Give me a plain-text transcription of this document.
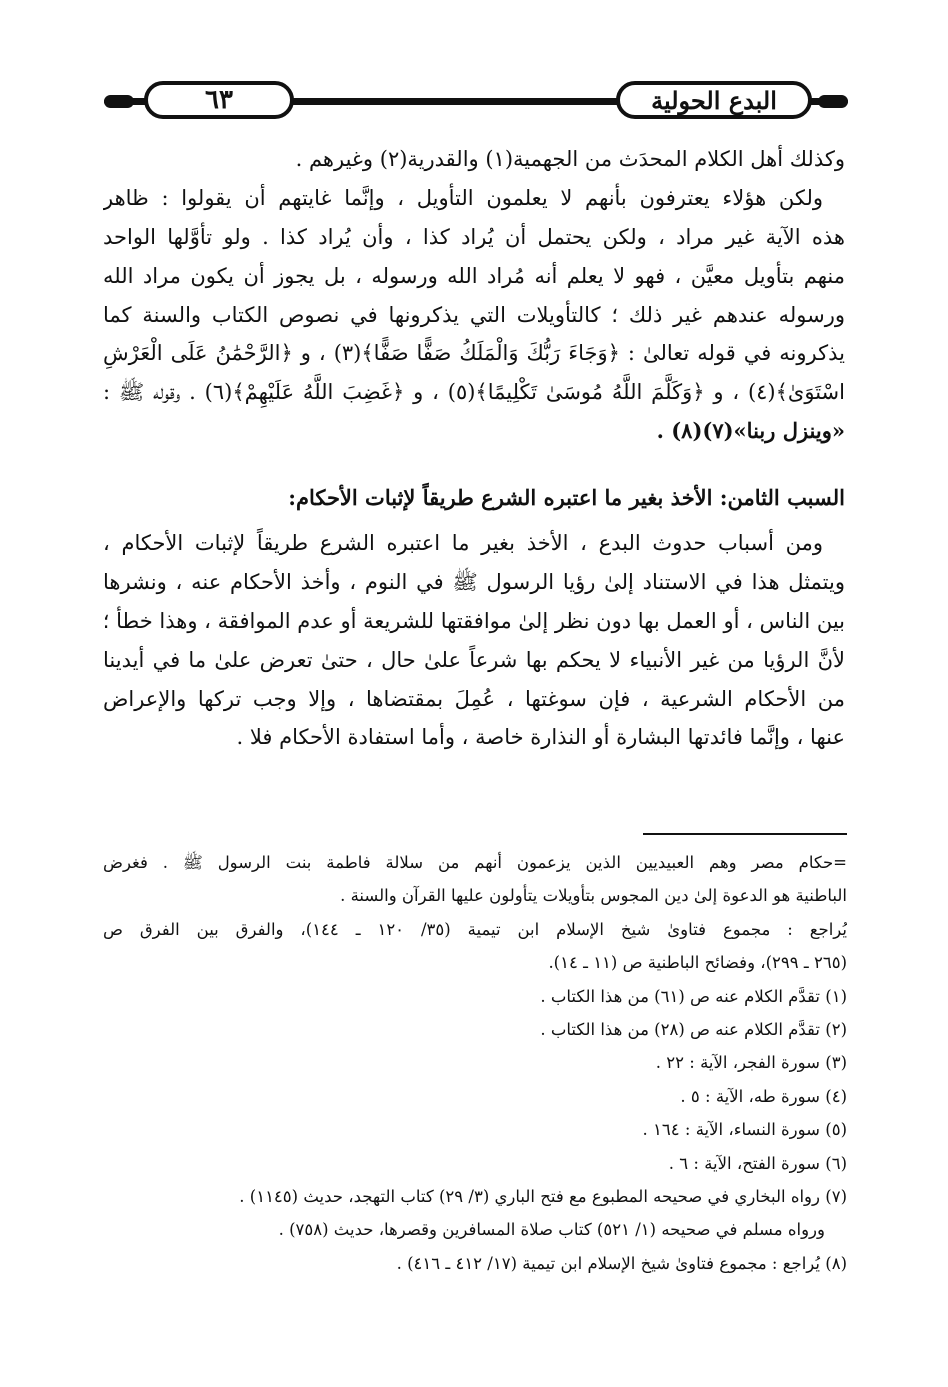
٦٣	البدع الحولية
وكذلك أهل الكلام المحدَث من الجهمية(١) والقدرية(٢) وغيرهم .
ولكن هؤلاء يعترفون بأنهم لا يعلمون التأويل ، وإنَّما غايتهم أن يقولوا : ظاهر
هذه الآية غير مراد ، ولكن يحتمل أن يُراد كذا ، وأن يُراد كذا . ولو تأوَّلها الواحد
منهم بتأويل معيَّن ، فهو لا يعلم أنه مُراد الله ورسوله ، بل يجوز أن يكون مراد الله
ورسوله عندهم غير ذلك ؛ كالتأويلات التي يذكرونها في نصوص الكتاب والسنة كما
يذكرونه في قوله تعالىٰ : ﴿وَجَاءَ رَبُّكَ وَالْمَلَكُ صَفًّا صَفًّا﴾(٣) ، و ﴿الرَّحْمَٰنُ عَلَى الْعَرْشِ
اسْتَوَىٰ﴾(٤) ، و ﴿وَكَلَّمَ اللَّهُ مُوسَىٰ تَكْلِيمًا﴾(٥) ، و ﴿غَضِبَ اللَّهُ عَلَيْهِمْ﴾(٦) . وقوله ﷺ :
«وينزل ربنا»(٧)(٨) .
السبب الثامن: الأخذ بغير ما اعتبره الشرع طريقاً لإثبات الأحكام:
ومن أسباب حدوث البدع ، الأخذ بغير ما اعتبره الشرع طريقاً لإثبات الأحكام ،
ويتمثل هذا في الاستناد إلىٰ رؤيا الرسول ﷺ في النوم ، وأخذ الأحكام عنه ، ونشرها
بين الناس ، أو العمل بها دون نظر إلىٰ موافقتها للشريعة أو عدم الموافقة ، وهذا خطأ ؛
لأنَّ الرؤيا من غير الأنبياء لا يحكم بها شرعاً علىٰ حال ، حتىٰ تعرض علىٰ ما في أيدينا
من الأحكام الشرعية ، فإن سوغتها ، عُمِلَ بمقتضاها ، وإلا وجب تركها والإعراض
عنها ، وإنَّما فائدتها البشارة أو النذارة خاصة ، وأما استفادة الأحكام فلا .
=حكام مصر وهم العبيديين الذين يزعمون أنهم من سلالة فاطمة بنت الرسول ﷺ . فغرض
الباطنية هو الدعوة إلىٰ دين المجوس بتأويلات يتأولون عليها القرآن والسنة .
يُراجع : مجموع فتاوىٰ شيخ الإسلام ابن تيمية (٣٥/ ١٢٠ ـ ١٤٤)، والفرق بين الفرق ص
(٢٦٥ ـ ٢٩٩)، وفضائح الباطنية ص (١١ ـ ١٤).
(١) تقدَّم الكلام عنه ص (٦١) من هذا الكتاب .
(٢) تقدَّم الكلام عنه ص (٢٨) من هذا الكتاب .
(٣) سورة الفجر، الآية : ٢٢ .
(٤) سورة طه، الآية : ٥ .
(٥) سورة النساء، الآية : ١٦٤ .
(٦) سورة الفتح، الآية : ٦ .
(٧) رواه البخاري في صحيحه المطبوع مع فتح الباري (٣/ ٢٩) كتاب التهجد، حديث (١١٤٥) .
ورواه مسلم في صحيحه (١/ ٥٢١) كتاب صلاة المسافرين وقصرها، حديث (٧٥٨) .
(٨) يُراجع : مجموع فتاوىٰ شيخ الإسلام ابن تيمية (١٧/ ٤١٢ ـ ٤١٦) .
